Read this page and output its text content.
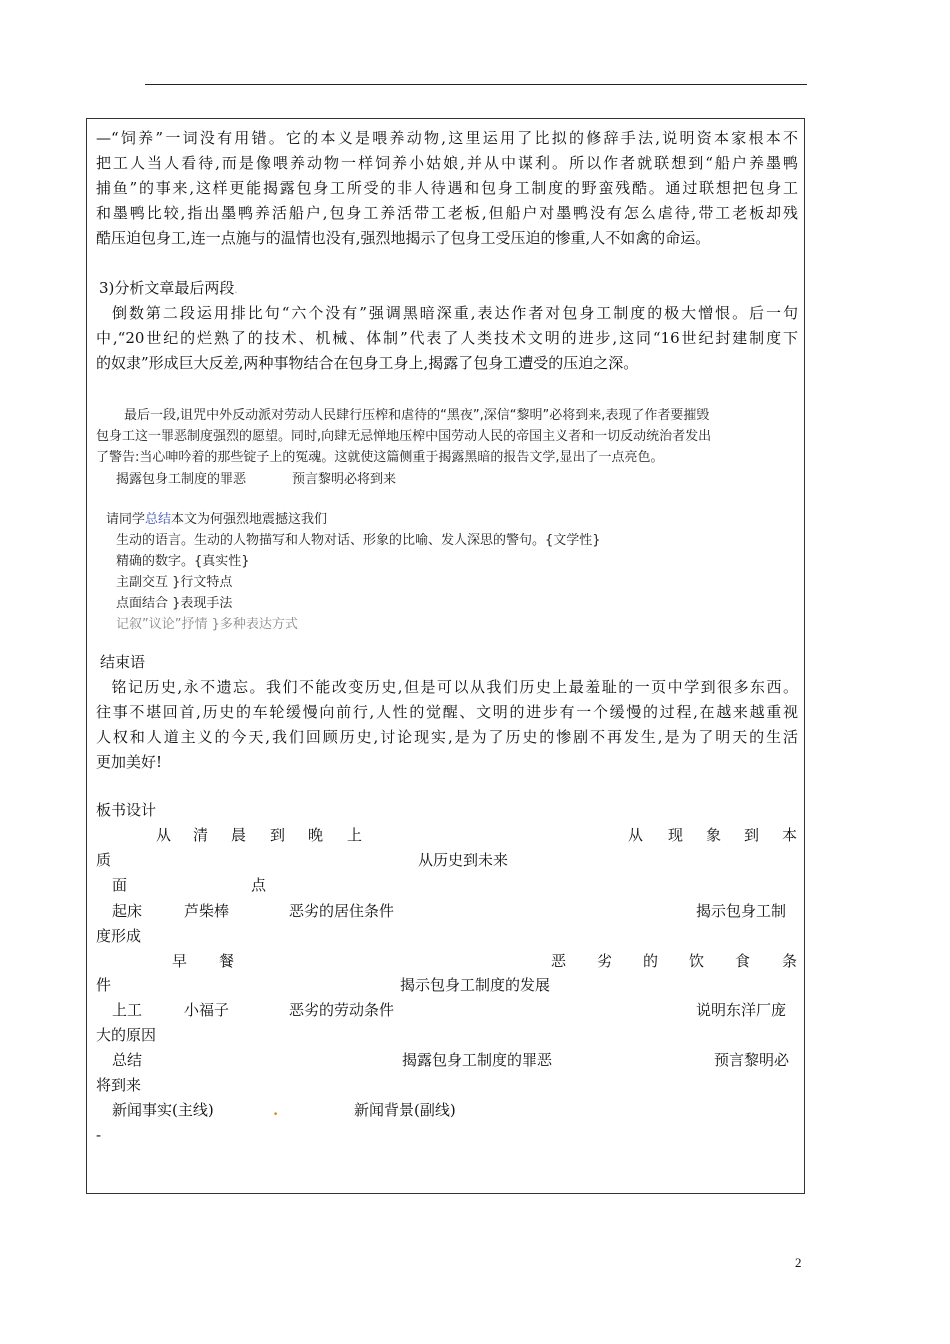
—“饲养”一词没有用错。它的本义是喂养动物,这里运用了比拟的修辞手法,说明资本家根本不

把工人当人看待,而是像喂养动物一样饲养小姑娘,并从中谋利。所以作者就联想到“船户养墨鸭

捕鱼”的事来,这样更能揭露包身工所受的非人待遇和包身工制度的野蛮残酷。通过联想把包身工

和墨鸭比较,指出墨鸭养活船户,包身工养活带工老板,但船户对墨鸭没有怎么虐待,带工老板却残

酷压迫包身工,连一点施与的温情也没有,强烈地揭示了包身工受压迫的惨重,人不如禽的命运。

3)分析文章最后两段.

倒数第二段运用排比句“六个没有”强调黑暗深重,表达作者对包身工制度的极大憎恨。后一句

中,“20世纪的烂熟了的技术、机械、体制”代表了人类技术文明的进步,这同“16世纪封建制度下

的奴隶”形成巨大反差,两种事物结合在包身工身上,揭露了包身工遭受的压迫之深。

最后一段,诅咒中外反动派对劳动人民肆行压榨和虐待的“黑夜”,深信“黎明”必将到来,表现了作者要摧毁

包身工这一罪恶制度强烈的愿望。同时,向肆无忌惮地压榨中国劳动人民的帝国主义者和一切反动统治者发出

了警告:当心呻吟着的那些锭子上的冤魂。这就使这篇侧重于揭露黑暗的报告文学,显出了一点亮色。

揭露包身工制度的罪恶	预言黎明必将到来

请同学总结本文为何强烈地震撼这我们

生动的语言。生动的人物描写和人物对话、形象的比喻、发人深思的警句。{文学性}

精确的数字。{真实性}

主副交互 }行文特点

点面结合 }表现手法

记叙”议论”抒情 }多种表达方式

结束语

铭记历史,永不遗忘。我们不能改变历史,但是可以从我们历史上最羞耻的一页中学到很多东西。

往事不堪回首,历史的车轮缓慢向前行,人性的觉醒、文明的进步有一个缓慢的过程,在越来越重视

人权和人道主义的今天,我们回顾历史,讨论现实,是为了历史的惨剧不再发生,是为了明天的生活

更加美好!

板书设计

从 清 晨 到 晚 上	从 现 象 到 本
质	从历史到未来
面	点
起床	芦柴棒	恶劣的居住条件	揭示包身工制
度形成
早 餐	恶 劣 的 饮 食 条
件	揭示包身工制度的发展
上工	小福子	恶劣的劳动条件	说明东洋厂庞
大的原因
总结	揭露包身工制度的罪恶	预言黎明必
将到来
新闻事实(主线)	.	新闻背景(副线)
-
2
